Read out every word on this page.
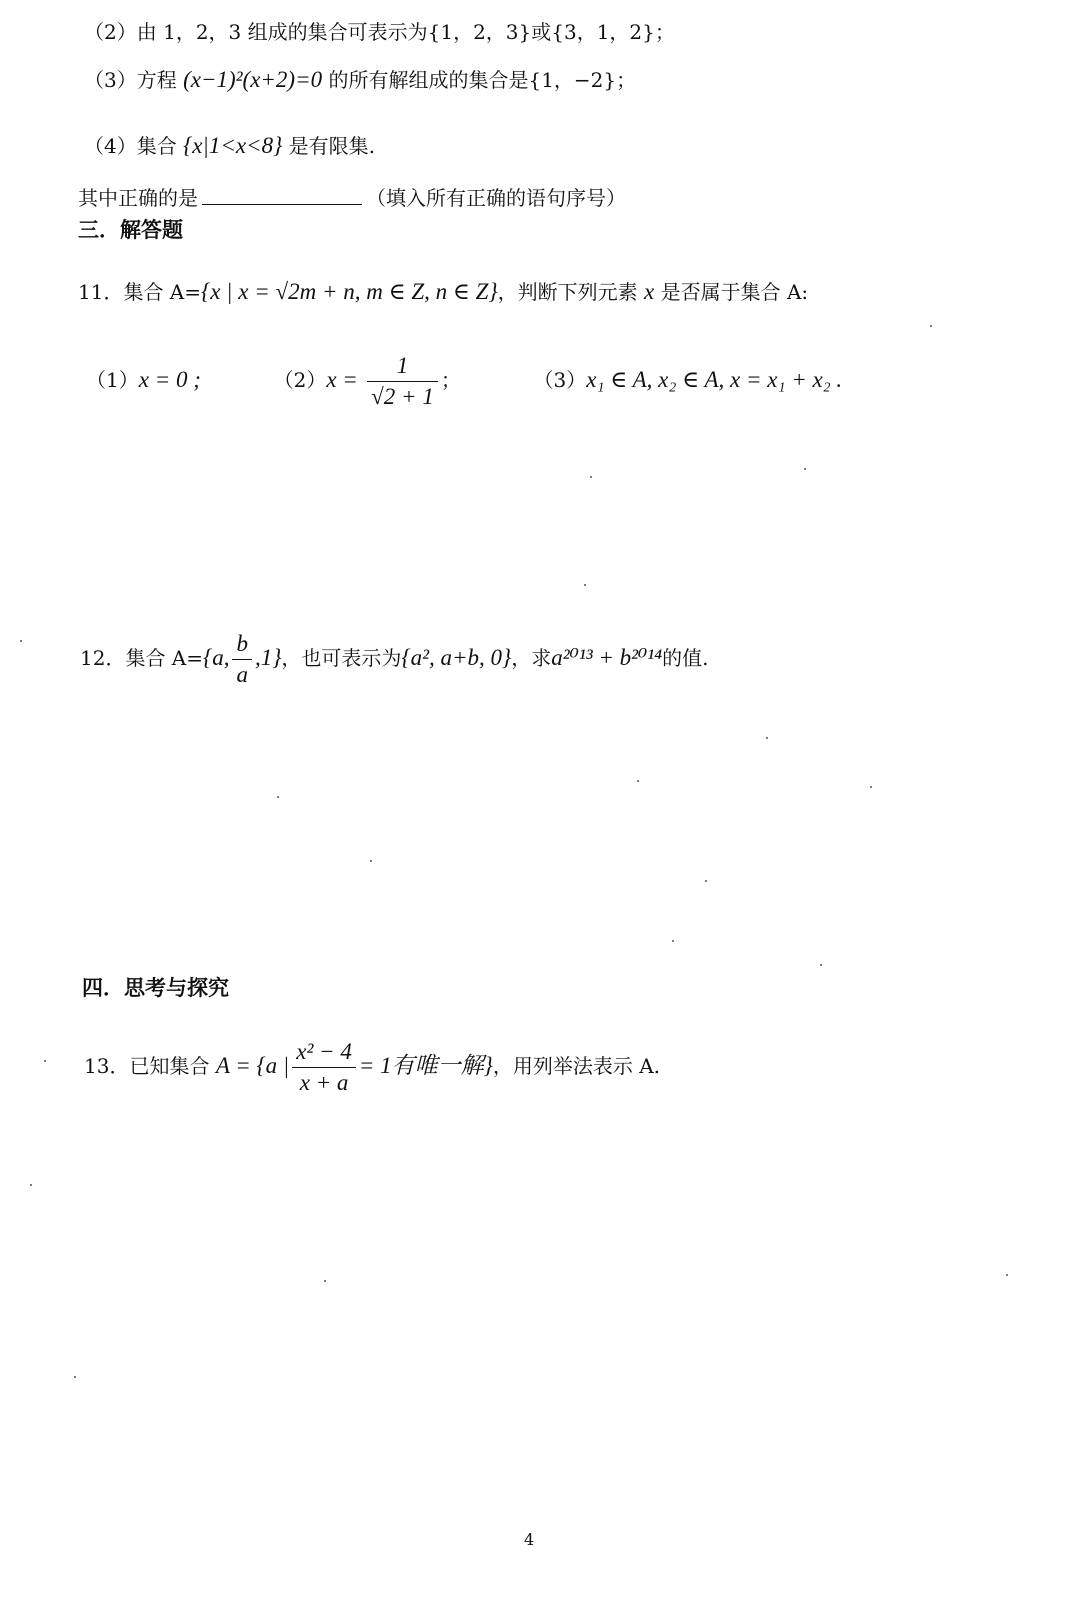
（2）由 1，2，3 组成的集合可表示为{1，2，3}或{3，1，2}；
（3）方程 (x−1)²(x+2)=0 的所有解组成的集合是{1，−2}；
（4）集合 {x|1<x<8} 是有限集.
其中正确的是	（填入所有正确的语句序号）
三．解答题
11．集合 A={x | x = √2m + n, m ∈ Z, n ∈ Z}，判断下列元素 x 是否属于集合 A:
（1）x = 0 ;	$(2)x = \frac{1}{√2 + 1}$ ；	（3）x₁ ∈ A, x₂ ∈ A, x = x₁ + x₂ .
12．集合 A={a, $\frac{b}{a} ,1$}，也可表示为{a², a+b, 0}，求a²⁰¹³ + b²⁰¹⁴的值.
四．思考与探究
13．已知集合 A = {a | $\frac{\text{x² − 4}}{x + a} = 1$有唯一解}，用列举法表示 A.
4
